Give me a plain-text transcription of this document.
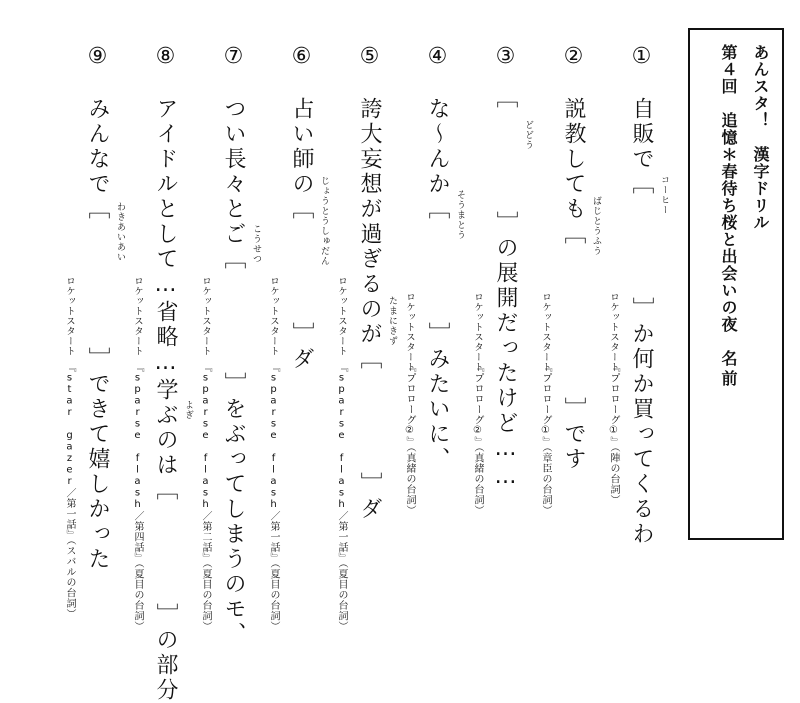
あんスタ！　漢字ドリル
第４回　追憶＊春待ち桜と出会いの夜
名前
①　自販で［　　　　］か何か買ってくるわ コーヒー
ロケットスタート
『プロローグ①』（陣の台詞）
②　説教しても［　　　　　　］です ばじとうふう
ロケットスタート
『プロローグ①』（章臣の台詞）
③　［　　　　］の展開だったけど…… どどう
ロケットスタート
『プロローグ②』（真緒の台詞）
④　な～んか［　　　　］みたいに、 そうまとう
ロケットスタート
『プロローグ②』（真緒の台詞）
⑤　誇大妄想が過ぎるのが［　　　　］ダ たまにきず
ロケットスタート
『sparse flash／第一話』（夏目の台詞）
⑥　占い師の［　　　　］ダ じょうとうしゅだん
ロケットスタート
『sparse flash／第一話』（夏目の台詞）
⑦　つい長々とご［　　　　］をぶってしまうのモ、 こうせつ
ロケットスタート
『sparse flash／第二話』（夏目の台詞）
⑧　アイドルとして…省略…学ぶのは［　　　　］の部分 よぎ
ロケットスタート
『sparse flash／第四話』（夏目の台詞）
⑨　みんなで［　　　　　］できて嬉しかった わきあいあい
ロケットスタート
『star gazer／第一話』（スバルの台詞）
